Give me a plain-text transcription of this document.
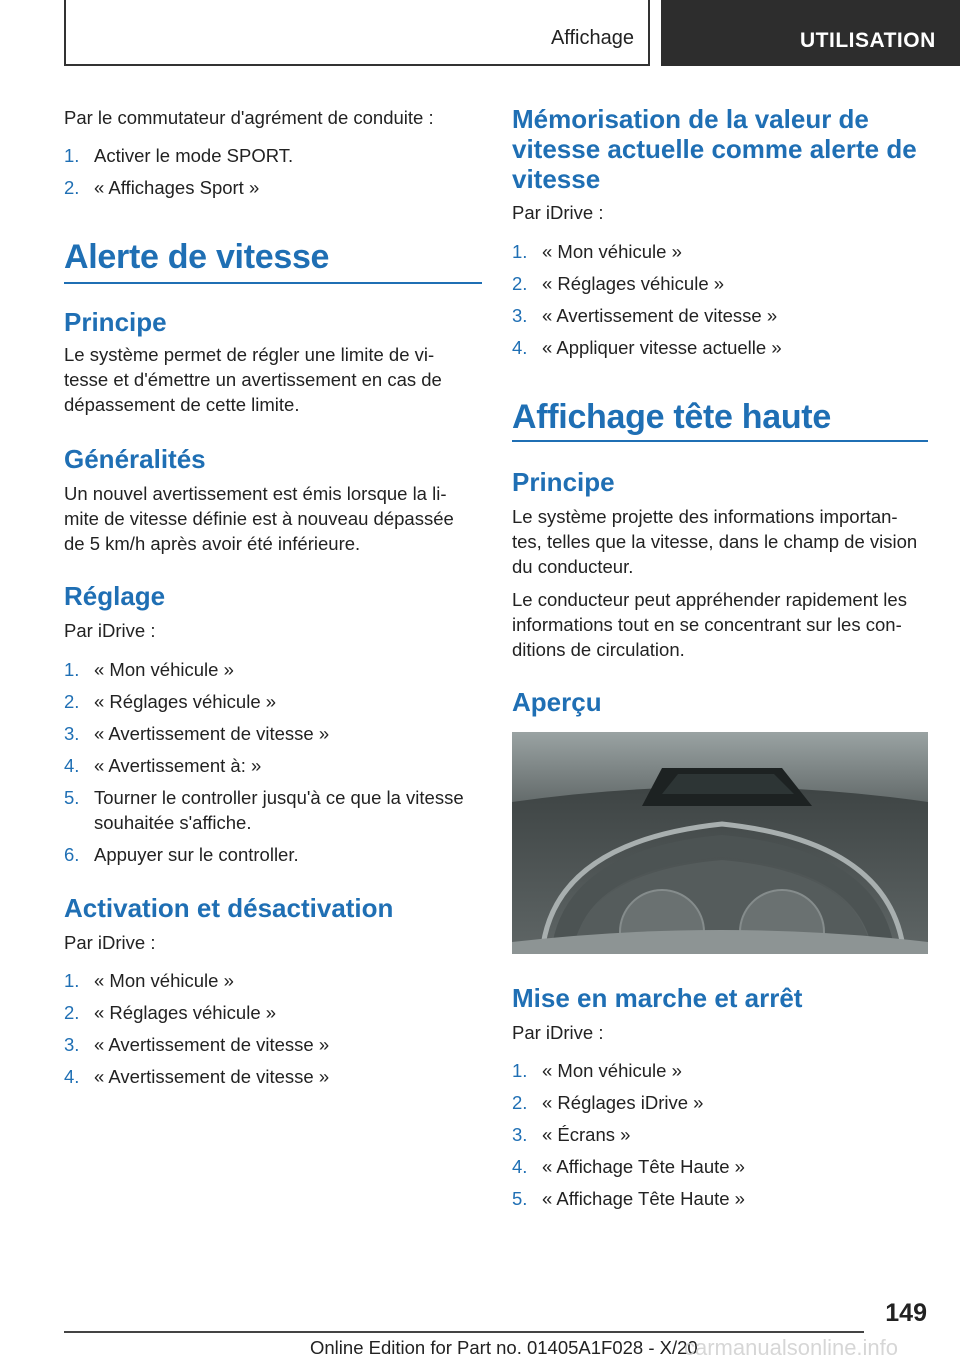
Affichage	UTILISATION
Par le commutateur d'agrément de conduite :
1. Activer le mode SPORT.
2. « Affichages Sport »
Alerte de vitesse
Principe
Le système permet de régler une limite de vi-
tesse et d'émettre un avertissement en cas de
dépassement de cette limite.
Généralités
Un nouvel avertissement est émis lorsque la li-
mite de vitesse définie est à nouveau dépassée
de 5 km/h après avoir été inférieure.
Réglage
Par iDrive :
1. « Mon véhicule »
2. « Réglages véhicule »
3. « Avertissement de vitesse »
4. « Avertissement à: »
5. Tourner le controller jusqu'à ce que la vitesse souhaitée s'affiche.
6. Appuyer sur le controller.
Activation et désactivation
Par iDrive :
1. « Mon véhicule »
2. « Réglages véhicule »
3. « Avertissement de vitesse »
4. « Avertissement de vitesse »
Mémorisation de la valeur de vitesse actuelle comme alerte de vitesse
Par iDrive :
1. « Mon véhicule »
2. « Réglages véhicule »
3. « Avertissement de vitesse »
4. « Appliquer vitesse actuelle »
Affichage tête haute
Principe
Le système projette des informations importan-
tes, telles que la vitesse, dans le champ de vision
du conducteur.
Le conducteur peut appréhender rapidement les
informations tout en se concentrant sur les con-
ditions de circulation.
Aperçu
Mise en marche et arrêt
Par iDrive :
1. « Mon véhicule »
2. « Réglages iDrive »
3. « Écrans »
4. « Affichage Tête Haute »
5. « Affichage Tête Haute »
149
Online Edition for Part no. 01405A1F028 - X/20
carmanualsonline.info
